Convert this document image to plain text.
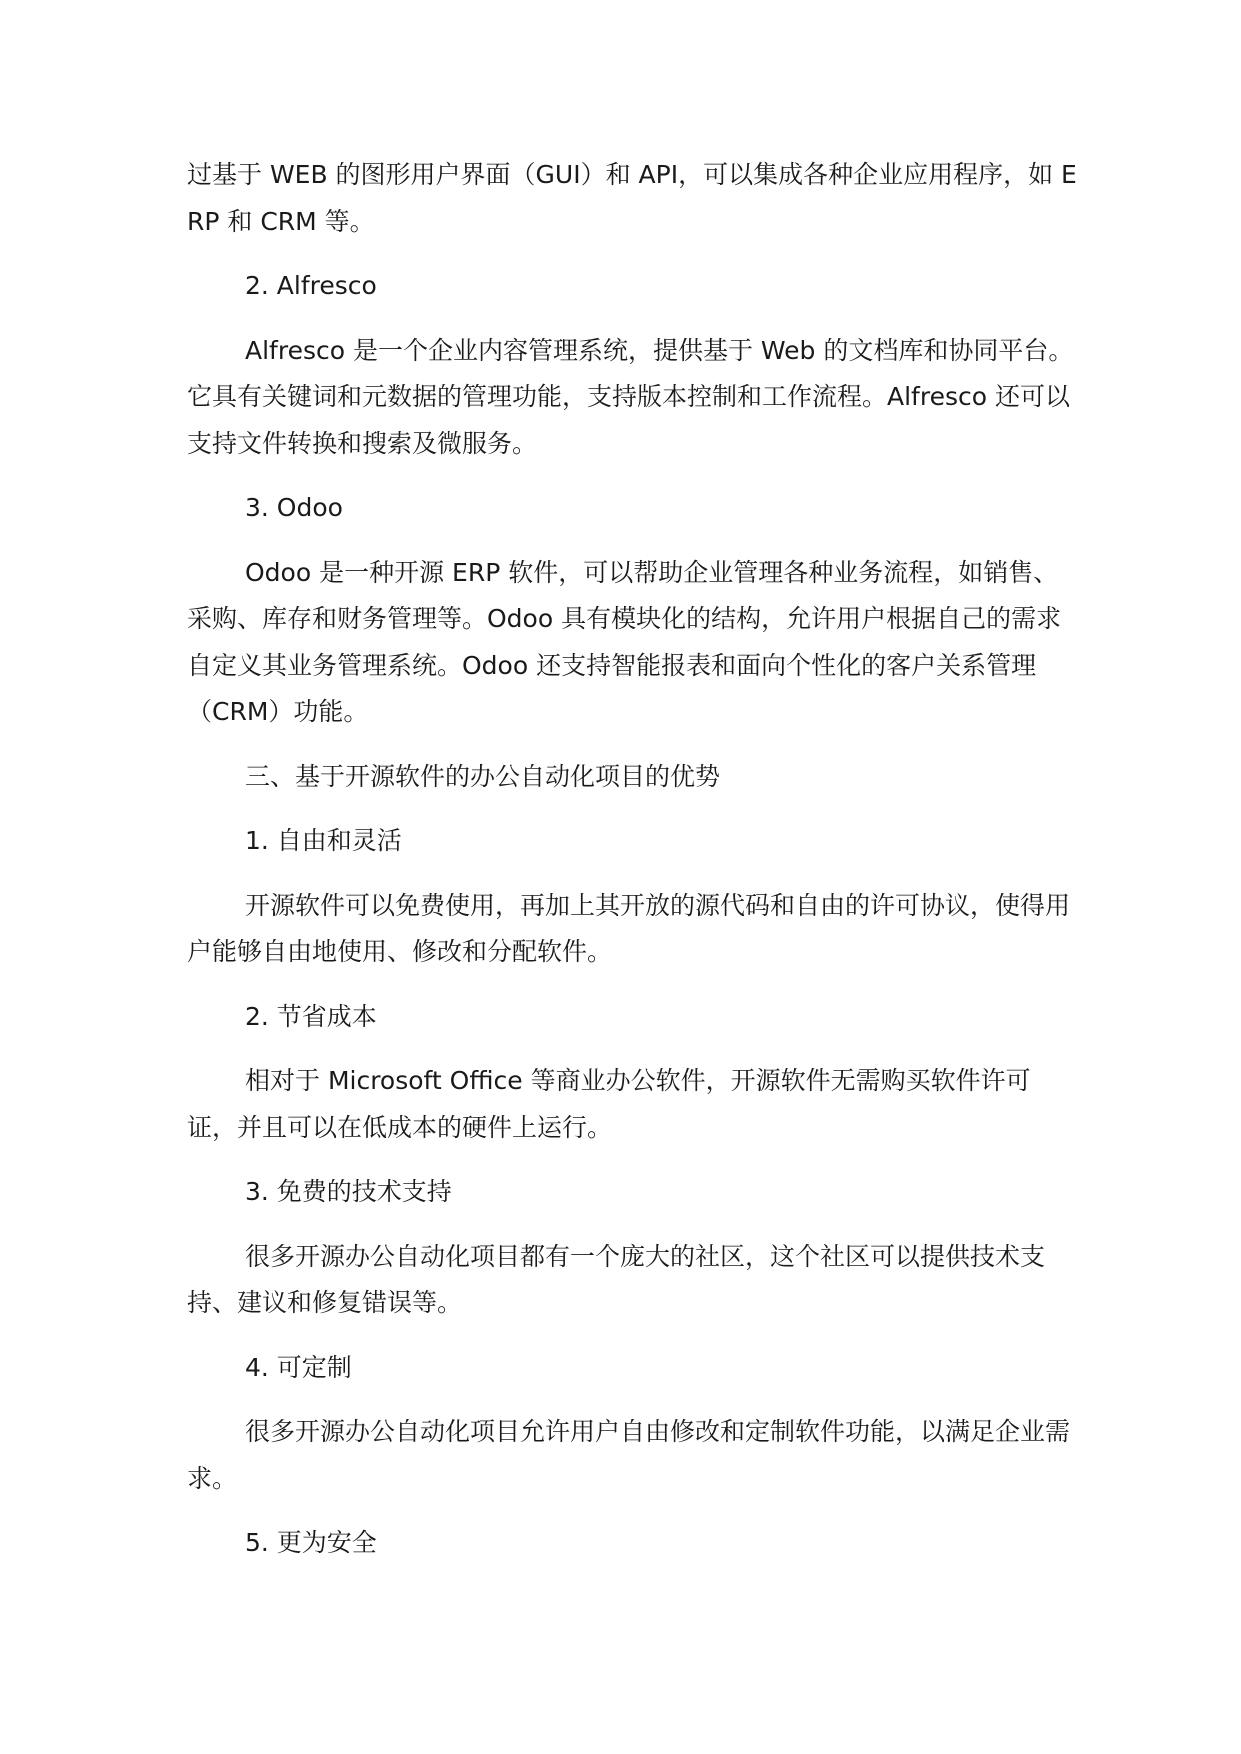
过基于 WEB 的图形用户界面（GUI）和 API，可以集成各种企业应用程序，如 ERP 和 CRM 等。

2. Alfresco

Alfresco 是一个企业内容管理系统，提供基于 Web 的文档库和协同平台。它具有关键词和元数据的管理功能，支持版本控制和工作流程。Alfresco 还可以支持文件转换和搜索及微服务。

3. Odoo

Odoo 是一种开源 ERP 软件，可以帮助企业管理各种业务流程，如销售、采购、库存和财务管理等。Odoo 具有模块化的结构，允许用户根据自己的需求自定义其业务管理系统。Odoo 还支持智能报表和面向个性化的客户关系管理（CRM）功能。

三、基于开源软件的办公自动化项目的优势

1. 自由和灵活

开源软件可以免费使用，再加上其开放的源代码和自由的许可协议，使得用户能够自由地使用、修改和分配软件。

2. 节省成本

相对于 Microsoft Office 等商业办公软件，开源软件无需购买软件许可证，并且可以在低成本的硬件上运行。

3. 免费的技术支持

很多开源办公自动化项目都有一个庞大的社区，这个社区可以提供技术支持、建议和修复错误等。

4. 可定制

很多开源办公自动化项目允许用户自由修改和定制软件功能，以满足企业需求。

5. 更为安全
